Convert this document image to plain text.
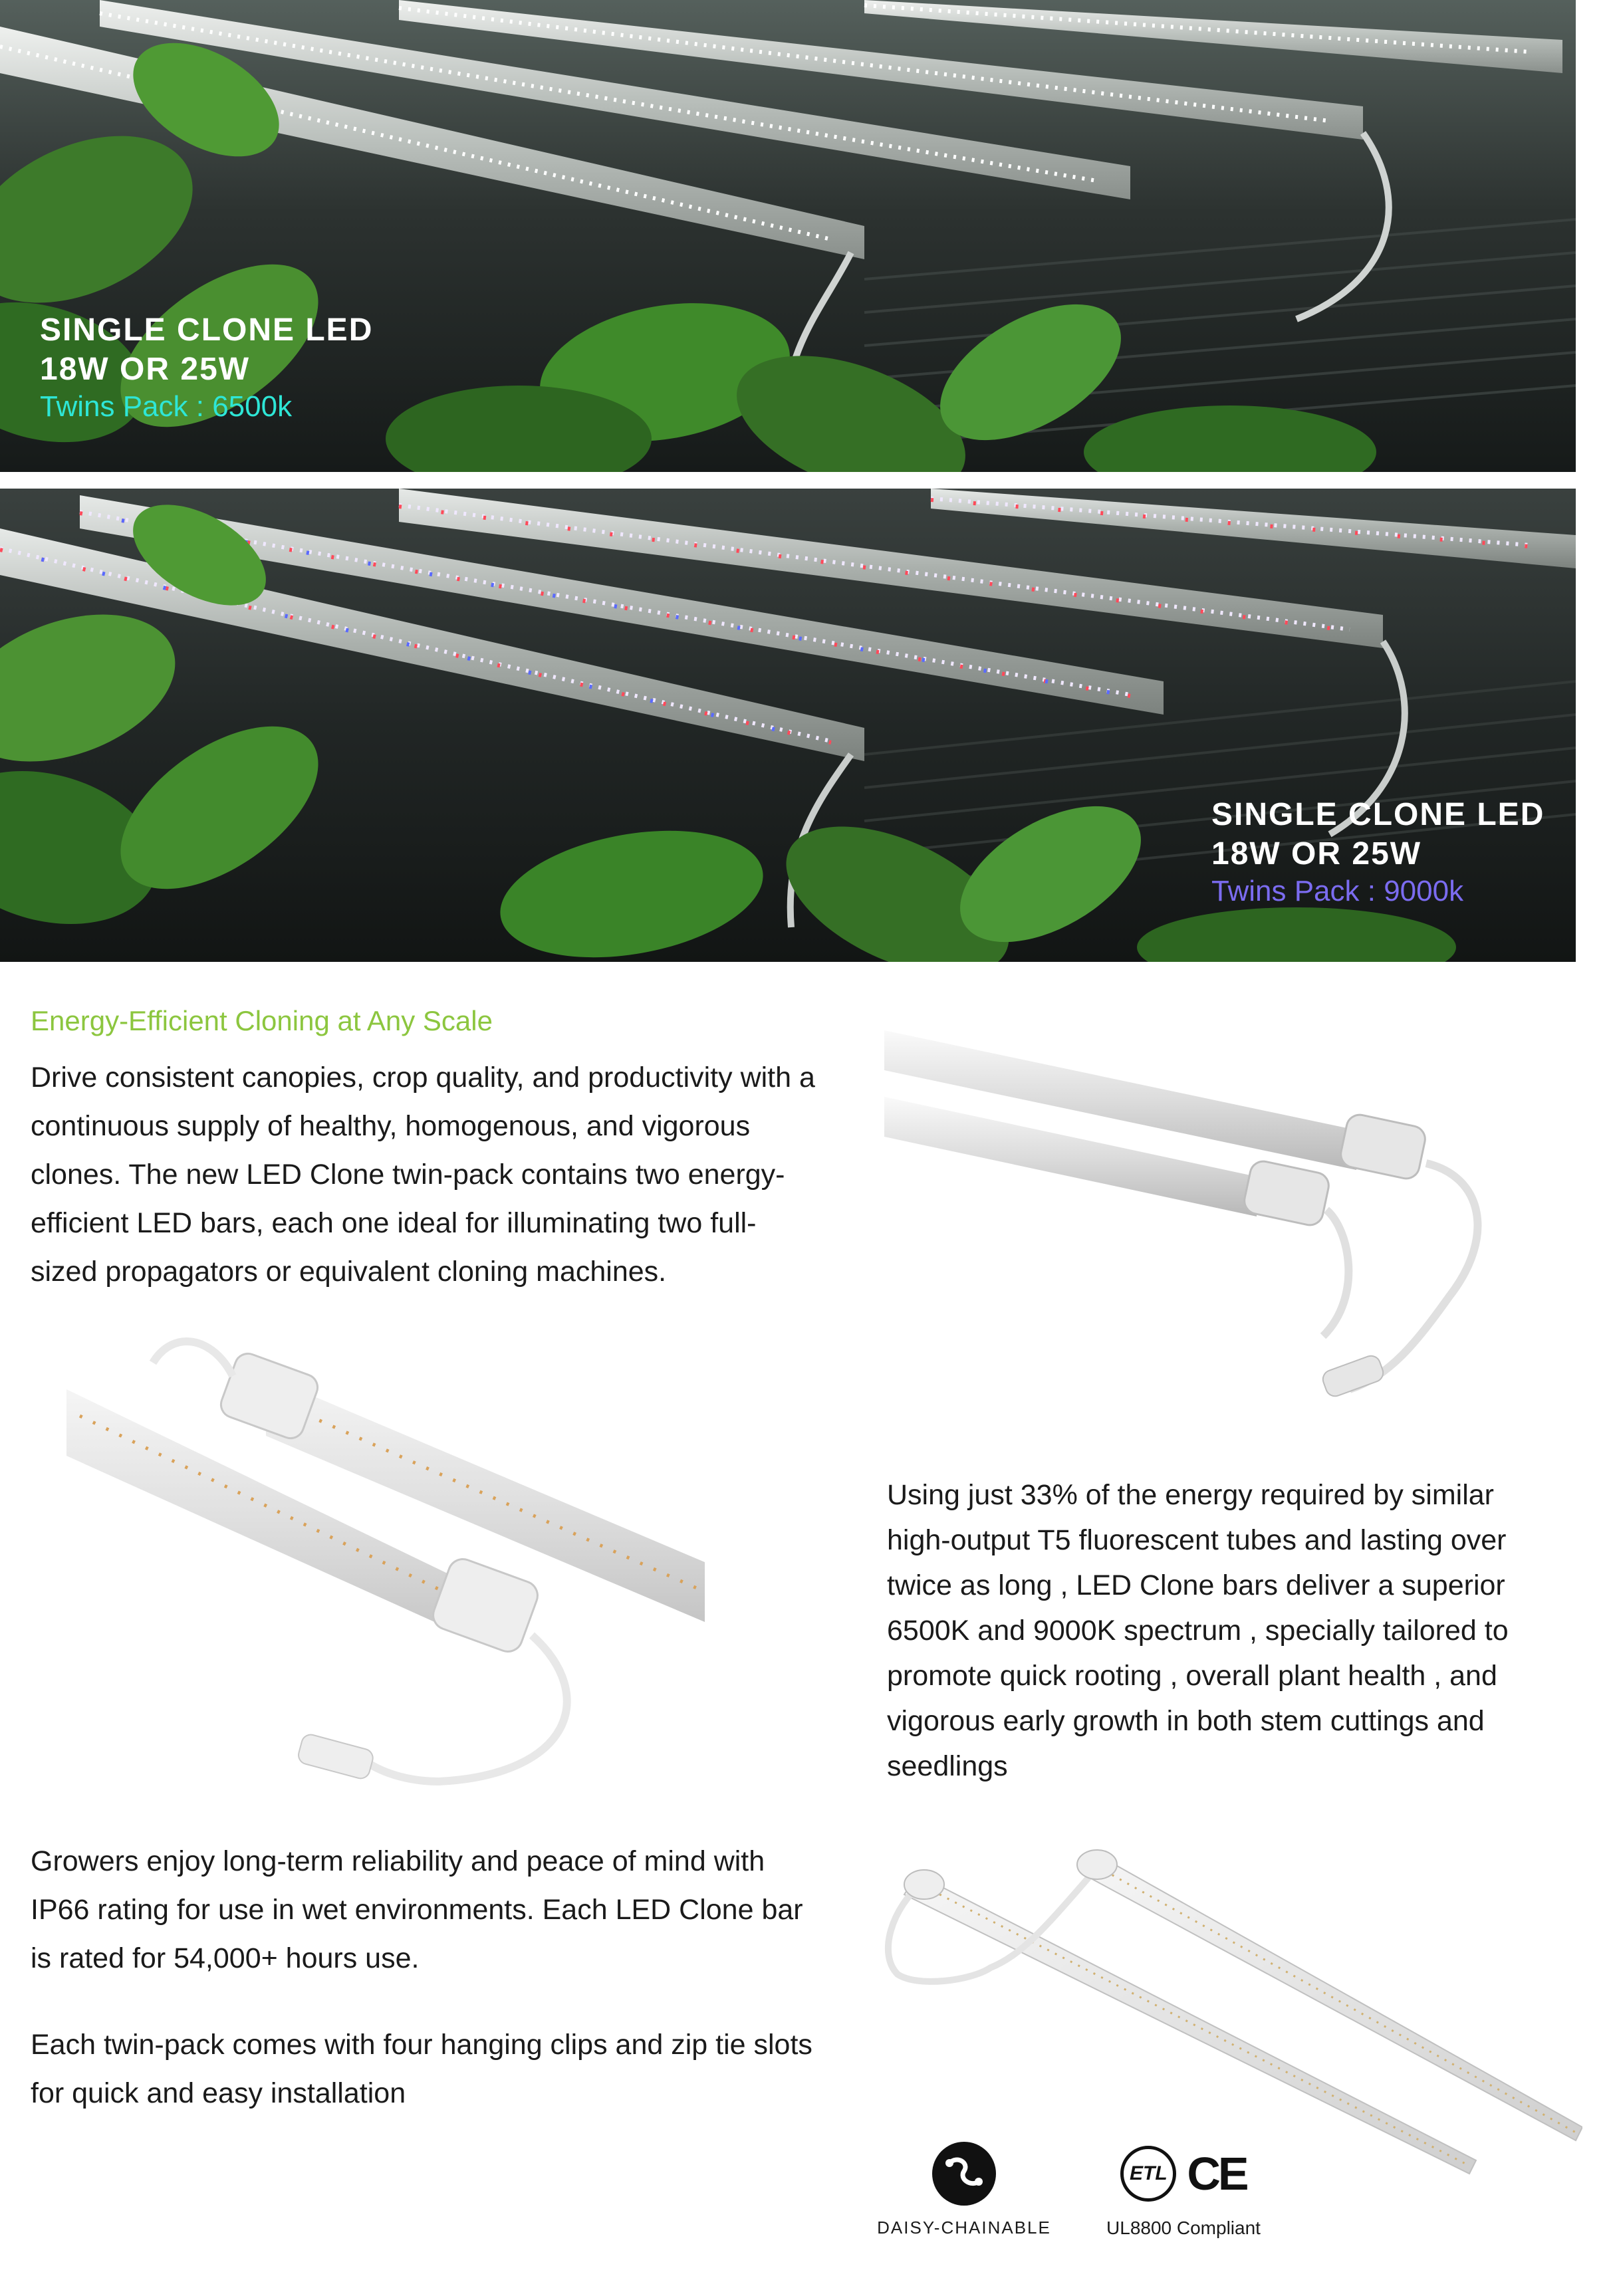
SINGLE CLONE LED
18W OR 25W
Twins Pack : 6500k
SINGLE CLONE LED
18W OR 25W
Twins Pack : 9000k
Energy-Efficient Cloning at Any Scale

Drive consistent canopies, crop quality, and productivity with a continuous supply of healthy, homogenous, and vigorous clones. The new LED Clone twin-pack contains two energy-efficient LED bars, each one ideal for illuminating two full-sized propagators or equivalent cloning machines.

Using just 33% of the energy required by similar high-output T5 fluorescent tubes and lasting over twice as long , LED Clone bars deliver a superior 6500K and 9000K spectrum , specially tailored to promote quick rooting , overall plant health , and vigorous early growth in both stem cuttings and seedlings

Growers enjoy long-term reliability and peace of mind with IP66 rating for use in wet environments. Each LED Clone bar is rated for 54,000+ hours use.

Each twin-pack comes with four hanging clips and zip tie slots for quick and easy installation

DAISY-CHAINABLE
ETL CE
UL8800 Compliant
